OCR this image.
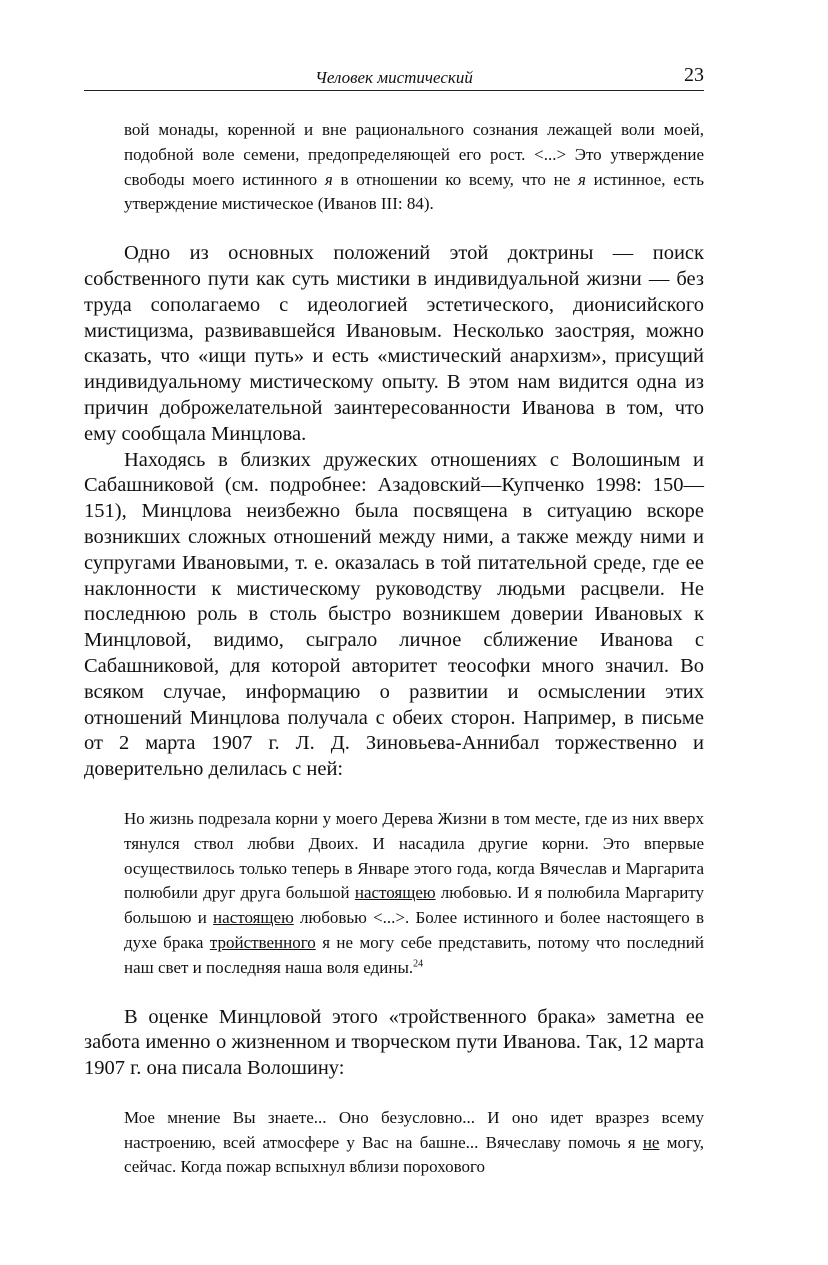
Человек мистический	23
вой монады, коренной и вне рационального сознания лежащей воли моей, подобной воле семени, предопределяющей его рост. <...> Это утверждение свободы моего истинного я в отношении ко всему, что не я истинное, есть утверждение мистическое (Иванов III: 84).

Одно из основных положений этой доктрины — поиск собственного пути как суть мистики в индивидуальной жизни — без труда сополагаемо с идеологией эстетического, дионисийского мистицизма, развивавшейся Ивановым. Несколько заостряя, можно сказать, что «ищи путь» и есть «мистический анархизм», присущий индивидуальному мистическому опыту. В этом нам видится одна из причин доброжелательной заинтересованности Иванова в том, что ему сообщала Минцлова.

Находясь в близких дружеских отношениях с Волошиным и Сабашниковой (см. подробнее: Азадовский—Купченко 1998: 150—151), Минцлова неизбежно была посвящена в ситуацию вскоре возникших сложных отношений между ними, а также между ними и супругами Ивановыми, т. е. оказалась в той питательной среде, где ее наклонности к мистическому руководству людьми расцвели. Не последнюю роль в столь быстро возникшем доверии Ивановых к Минцловой, видимо, сыграло личное сближение Иванова с Сабашниковой, для которой авторитет теософки много значил. Во всяком случае, информацию о развитии и осмыслении этих отношений Минцлова получала с обеих сторон. Например, в письме от 2 марта 1907 г. Л. Д. Зиновьева-Аннибал торжественно и доверительно делилась с ней:

Но жизнь подрезала корни у моего Дерева Жизни в том месте, где из них вверх тянулся ствол любви Двоих. И насадила другие корни. Это впервые осуществилось только теперь в Январе этого года, когда Вячеслав и Маргарита полюбили друг друга большой настоящею любовью. И я полюбила Маргариту большою и настоящею любовью <...>. Более истинного и более настоящего в духе брака тройственного я не могу себе представить, потому что последний наш свет и последняя наша воля едины.$^{24}$

В оценке Минцловой этого «тройственного брака» заметна ее забота именно о жизненном и творческом пути Иванова. Так, 12 марта 1907 г. она писала Волошину:

Мое мнение Вы знаете... Оно безусловно... И оно идет вразрез всему настроению, всей атмосфере у Вас на башне... Вячеславу помочь я не могу, сейчас. Когда пожар вспыхнул вблизи порохового
